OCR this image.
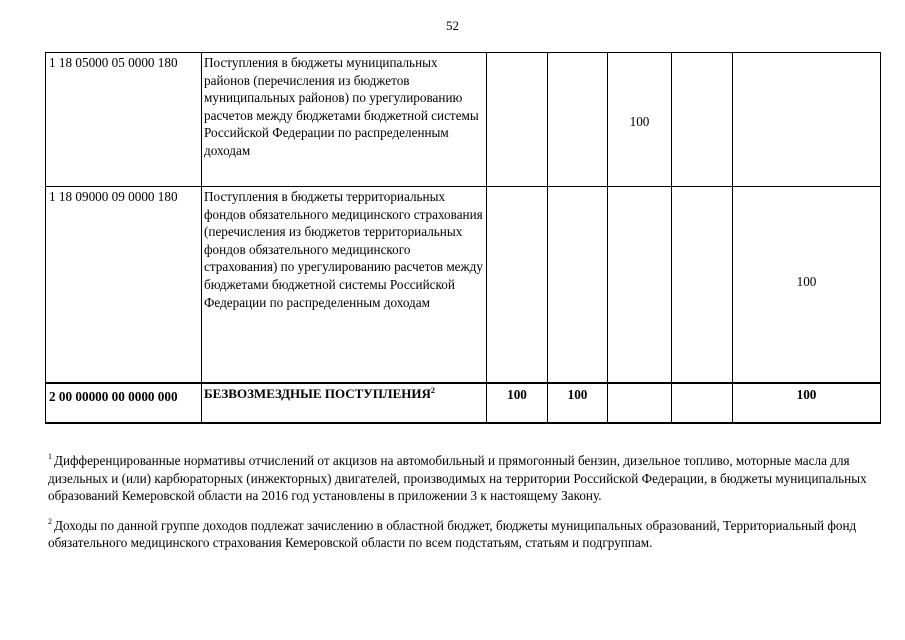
52
1 18 05000 05 0000 180	Поступления в бюджеты муниципальных районов (перечисления из бюджетов муниципальных районов) по урегулированию расчетов между бюджетами бюджетной системы Российской Федерации по распределенным доходам			100		

1 18 09000 09 0000 180	Поступления в бюджеты территориальных фондов обязательного медицинского страхования (перечисления из бюджетов территориальных фондов обязательного медицинского страхования) по урегулированию расчетов между бюджетами бюджетной системы Российской Федерации по распределенным доходам					100

2 00 00000 00 0000 000	БЕЗВОЗМЕЗДНЫЕ ПОСТУПЛЕНИЯ$^2$	100	100			100

$^1$ Дифференцированные нормативы отчислений от акцизов на автомобильный и прямогонный бензин, дизельное топливо, моторные масла для дизельных и (или) карбюраторных (инжекторных) двигателей, производимых на территории Российской Федерации, в бюджеты муниципальных образований Кемеровской области на 2016 год установлены в приложении 3 к настоящему Закону.

$^2$ Доходы по данной группе доходов подлежат зачислению в областной бюджет, бюджеты муниципальных образований, Территориальный фонд обязательного медицинского страхования Кемеровской области по всем подстатьям, статьям и подгруппам.
